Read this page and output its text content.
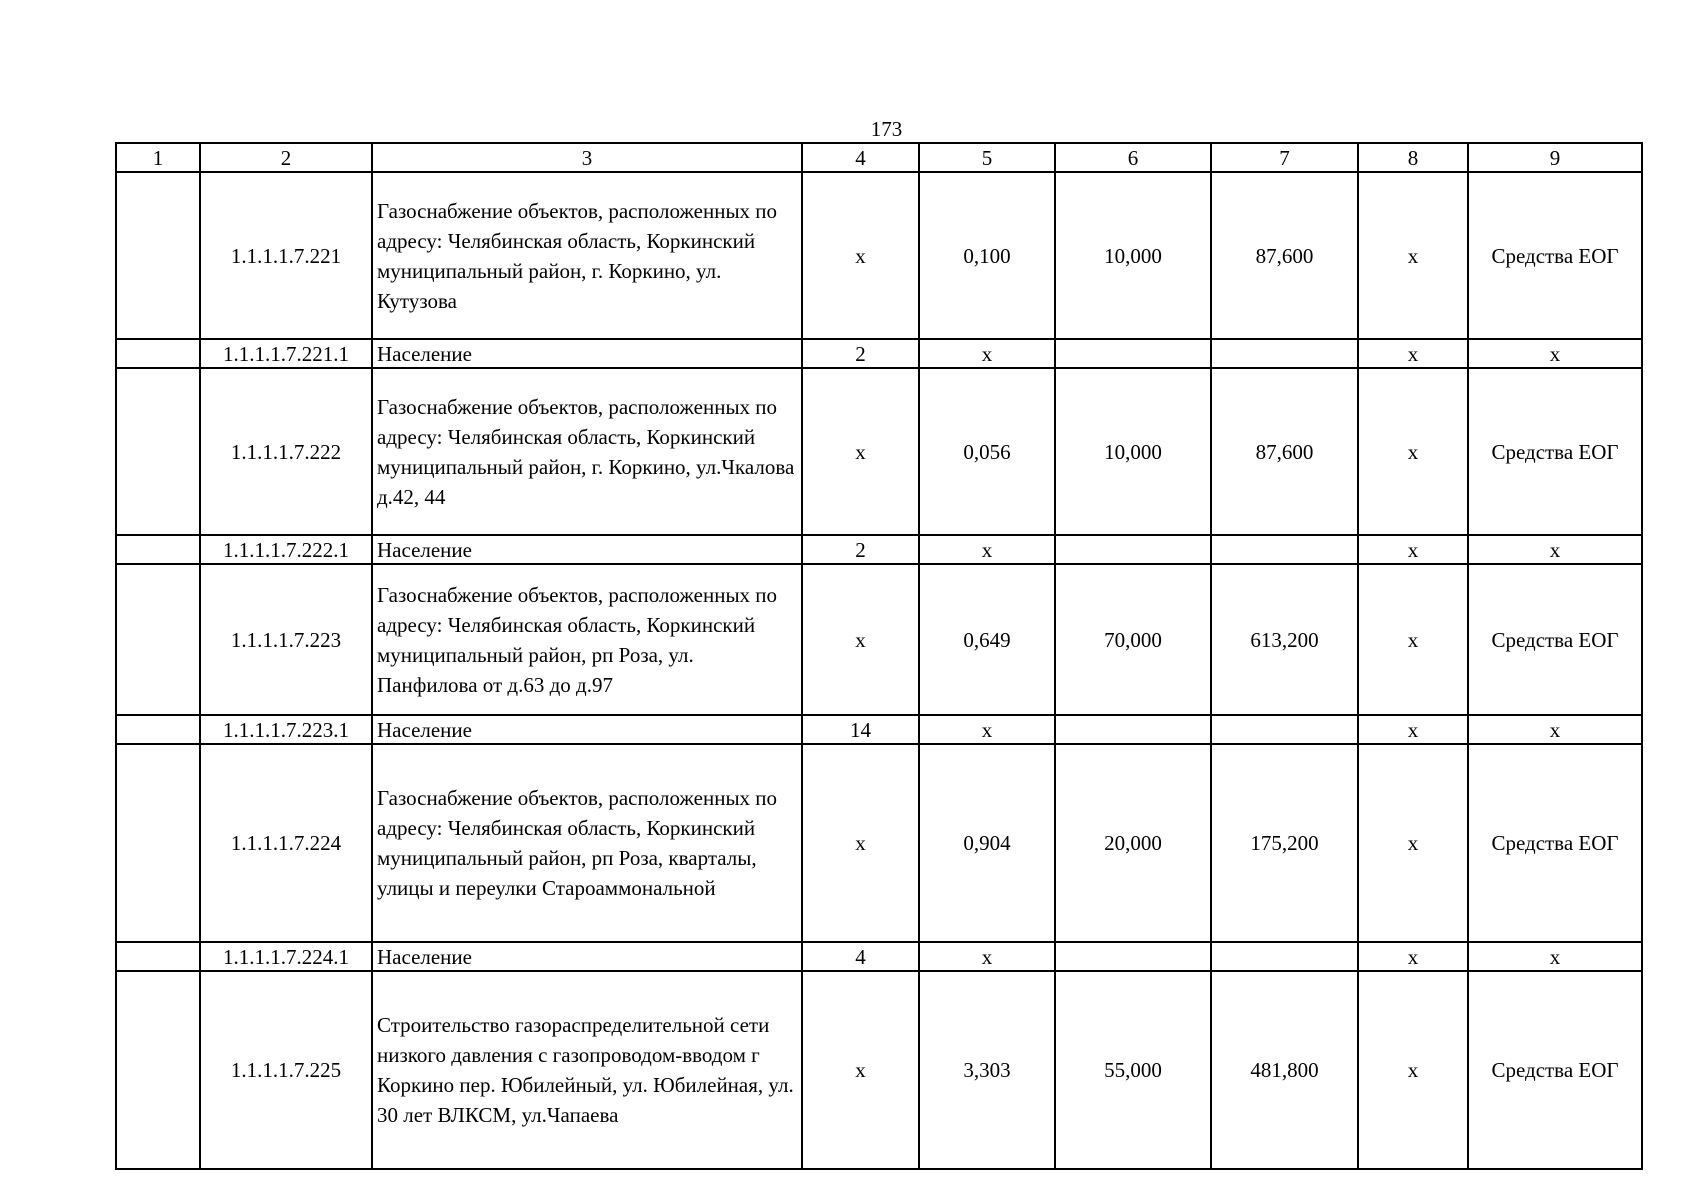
173
1	2	3	4	5	6	7	8	9
	1.1.1.1.7.221	Газоснабжение объектов, расположенных по адресу: Челябинская область, Коркинский муниципальный район, г. Коркино, ул. Кутузова	х	0,100	10,000	87,600	х	Средства ЕОГ
	1.1.1.1.7.221.1	Население	2	х			х	х
	1.1.1.1.7.222	Газоснабжение объектов, расположенных по адресу: Челябинская область, Коркинский муниципальный район, г. Коркино, ул.Чкалова д.42, 44	х	0,056	10,000	87,600	х	Средства ЕОГ
	1.1.1.1.7.222.1	Население	2	х			х	х
	1.1.1.1.7.223	Газоснабжение объектов, расположенных по адресу: Челябинская область, Коркинский муниципальный район, рп Роза, ул. Панфилова от д.63 до д.97	х	0,649	70,000	613,200	х	Средства ЕОГ
	1.1.1.1.7.223.1	Население	14	х			х	х
	1.1.1.1.7.224	Газоснабжение объектов, расположенных по адресу: Челябинская область, Коркинский муниципальный район, рп Роза, кварталы, улицы и переулки Староаммональной	х	0,904	20,000	175,200	х	Средства ЕОГ
	1.1.1.1.7.224.1	Население	4	х			х	х
	1.1.1.1.7.225	Строительство газораспределительной сети низкого давления с газопроводом-вводом г Коркино пер. Юбилейный, ул. Юбилейная, ул. 30 лет ВЛКСМ, ул.Чапаева	х	3,303	55,000	481,800	х	Средства ЕОГ
